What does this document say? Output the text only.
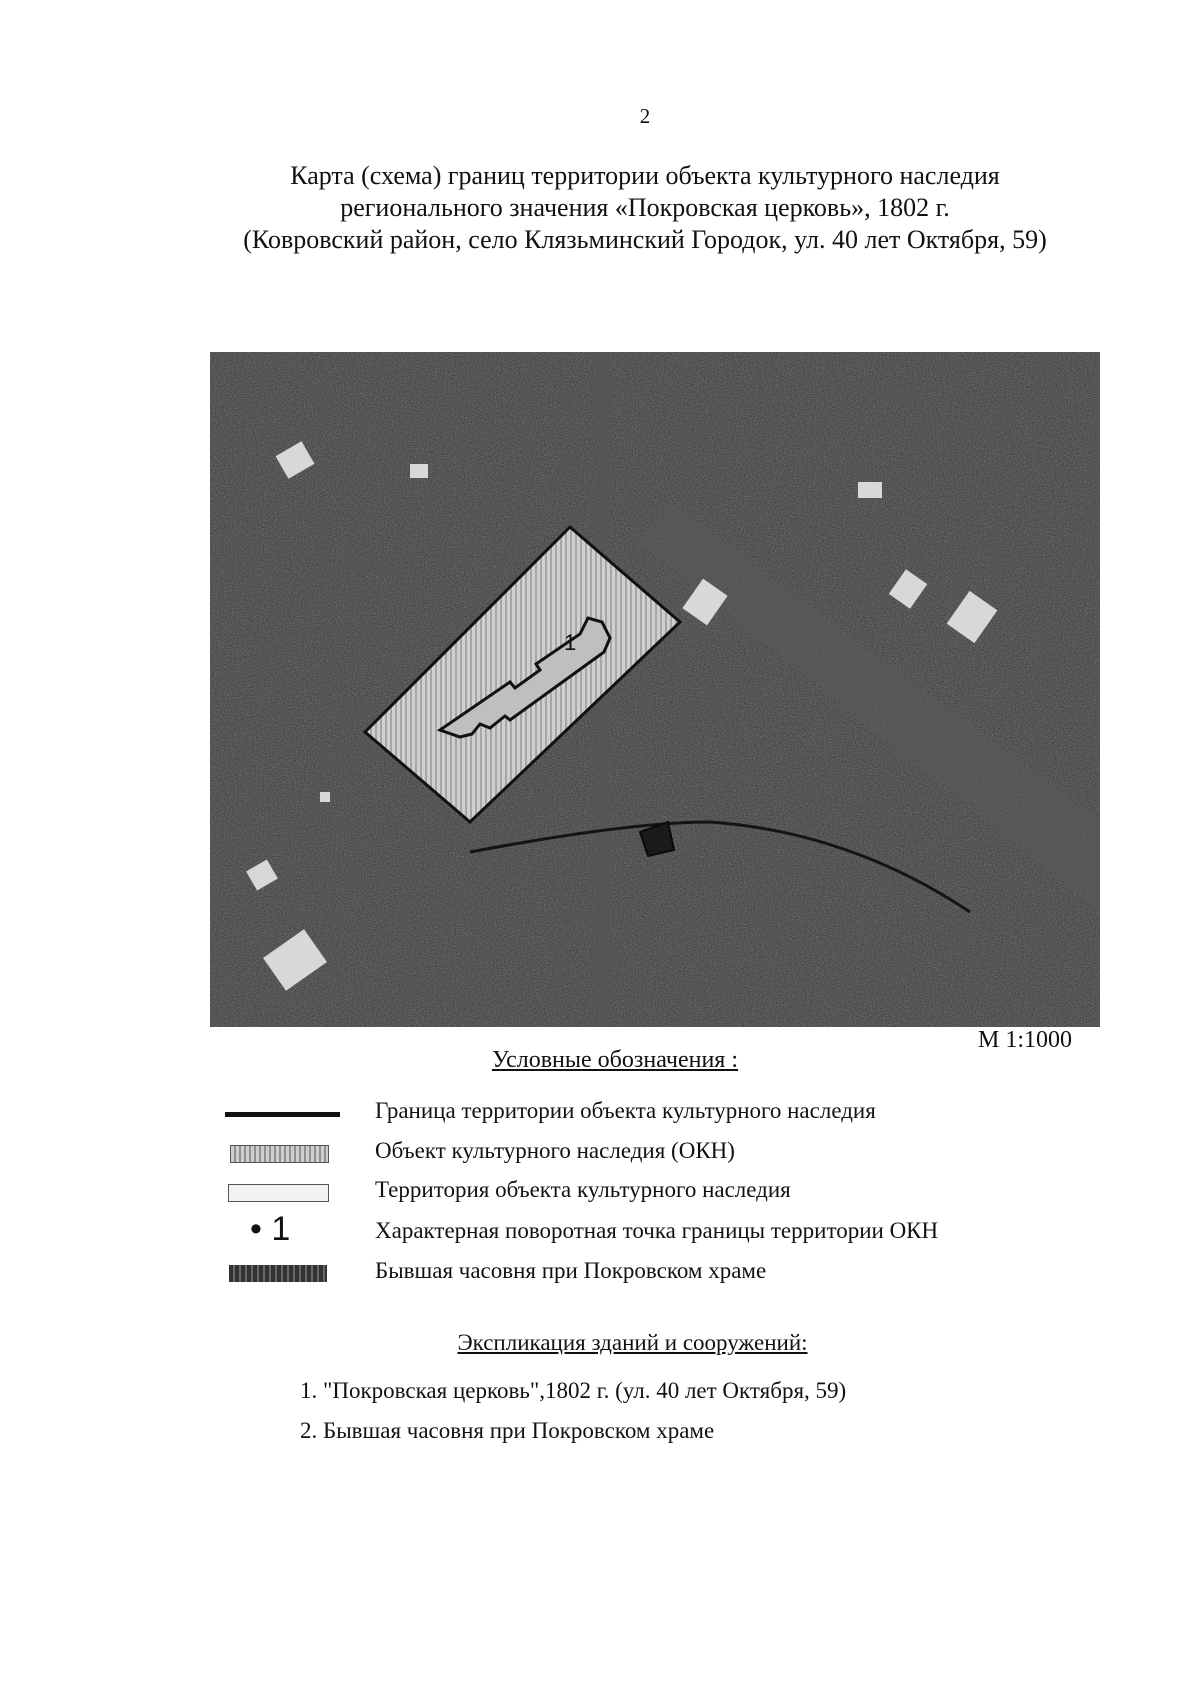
2
Карта (схема) границ территории объекта культурного наследия
регионального значения «Покровская церковь», 1802 г.
(Ковровский район, село Клязьминский Городок, ул. 40 лет Октября, 59)
1
М 1:1000
Условные обозначения :
Граница территории объекта культурного наследия
Объект культурного наследия (ОКН)
Территория объекта культурного наследия
• 1	Характерная поворотная точка границы территории ОКН
Бывшая часовня при Покровском храме
Экспликация зданий и сооружений:
1. "Покровская церковь",1802 г. (ул. 40 лет Октября, 59)
2. Бывшая часовня при Покровском храме
